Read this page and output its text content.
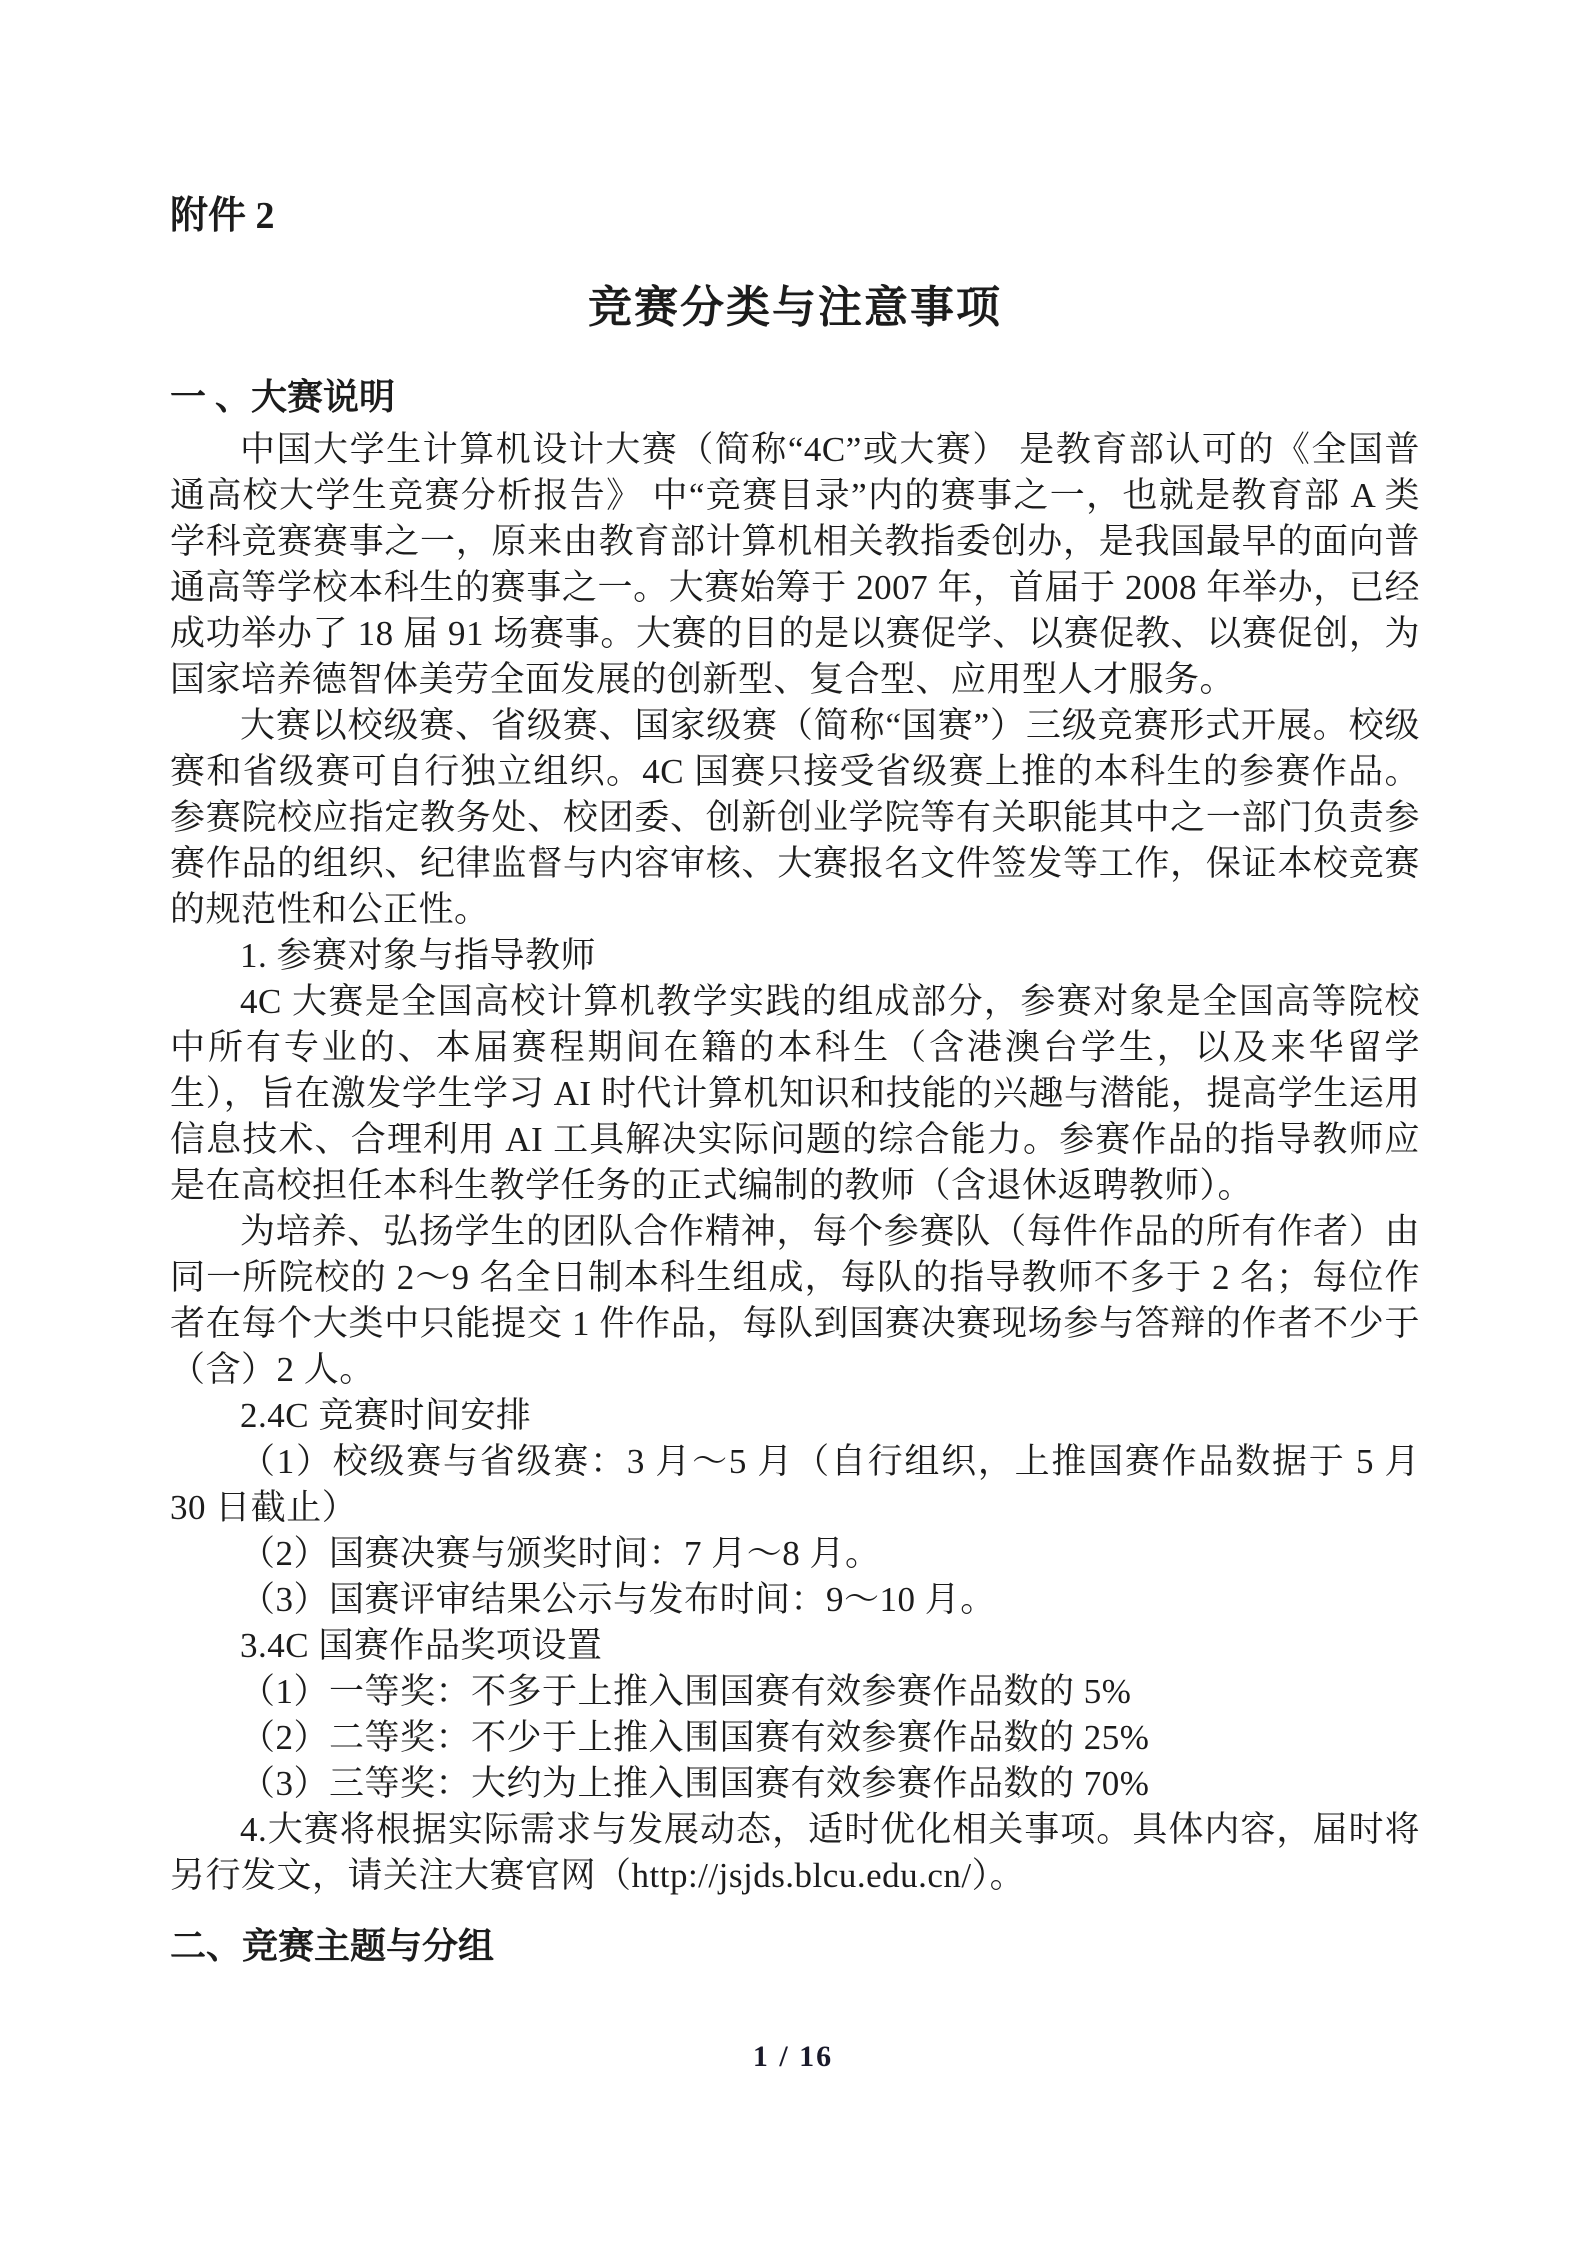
附件 2
竞赛分类与注意事项
一 、大赛说明

中国大学生计算机设计大赛（简称“4C”或大赛） 是教育部认可的《全国普通高校大学生竞赛分析报告》 中“竞赛目录”内的赛事之一，也就是教育部 A 类学科竞赛赛事之一，原来由教育部计算机相关教指委创办，是我国最早的面向普通高等学校本科生的赛事之一。大赛始筹于 2007 年，首届于 2008 年举办，已经成功举办了 18 届 91 场赛事。大赛的目的是以赛促学、以赛促教、以赛促创，为国家培养德智体美劳全面发展的创新型、复合型、应用型人才服务。

大赛以校级赛、省级赛、国家级赛（简称“国赛”）三级竞赛形式开展。校级赛和省级赛可自行独立组织。4C 国赛只接受省级赛上推的本科生的参赛作品。参赛院校应指定教务处、校团委、创新创业学院等有关职能其中之一部门负责参赛作品的组织、纪律监督与内容审核、大赛报名文件签发等工作，保证本校竞赛的规范性和公正性。

1. 参赛对象与指导教师

4C 大赛是全国高校计算机教学实践的组成部分，参赛对象是全国高等院校中所有专业的、本届赛程期间在籍的本科生（含港澳台学生，以及来华留学生），旨在激发学生学习 AI 时代计算机知识和技能的兴趣与潜能，提高学生运用信息技术、合理利用 AI 工具解决实际问题的综合能力。参赛作品的指导教师应是在高校担任本科生教学任务的正式编制的教师（含退休返聘教师）。

为培养、弘扬学生的团队合作精神，每个参赛队（每件作品的所有作者）由同一所院校的 2～9 名全日制本科生组成，每队的指导教师不多于 2 名；每位作者在每个大类中只能提交 1 件作品，每队到国赛决赛现场参与答辩的作者不少于（含）2 人。

2.4C 竞赛时间安排

（1）校级赛与省级赛：3 月～5 月（自行组织，上推国赛作品数据于 5 月 30 日截止）

（2）国赛决赛与颁奖时间：7 月～8 月。

（3）国赛评审结果公示与发布时间：9～10 月。

3.4C 国赛作品奖项设置

（1）一等奖：不多于上推入围国赛有效参赛作品数的 5%

（2）二等奖：不少于上推入围国赛有效参赛作品数的 25%

（3）三等奖：大约为上推入围国赛有效参赛作品数的 70%

4.大赛将根据实际需求与发展动态，适时优化相关事项。具体内容，届时将另行发文，请关注大赛官网（http://jsjds.blcu.edu.cn/）。

二、竞赛主题与分组
1 / 16
